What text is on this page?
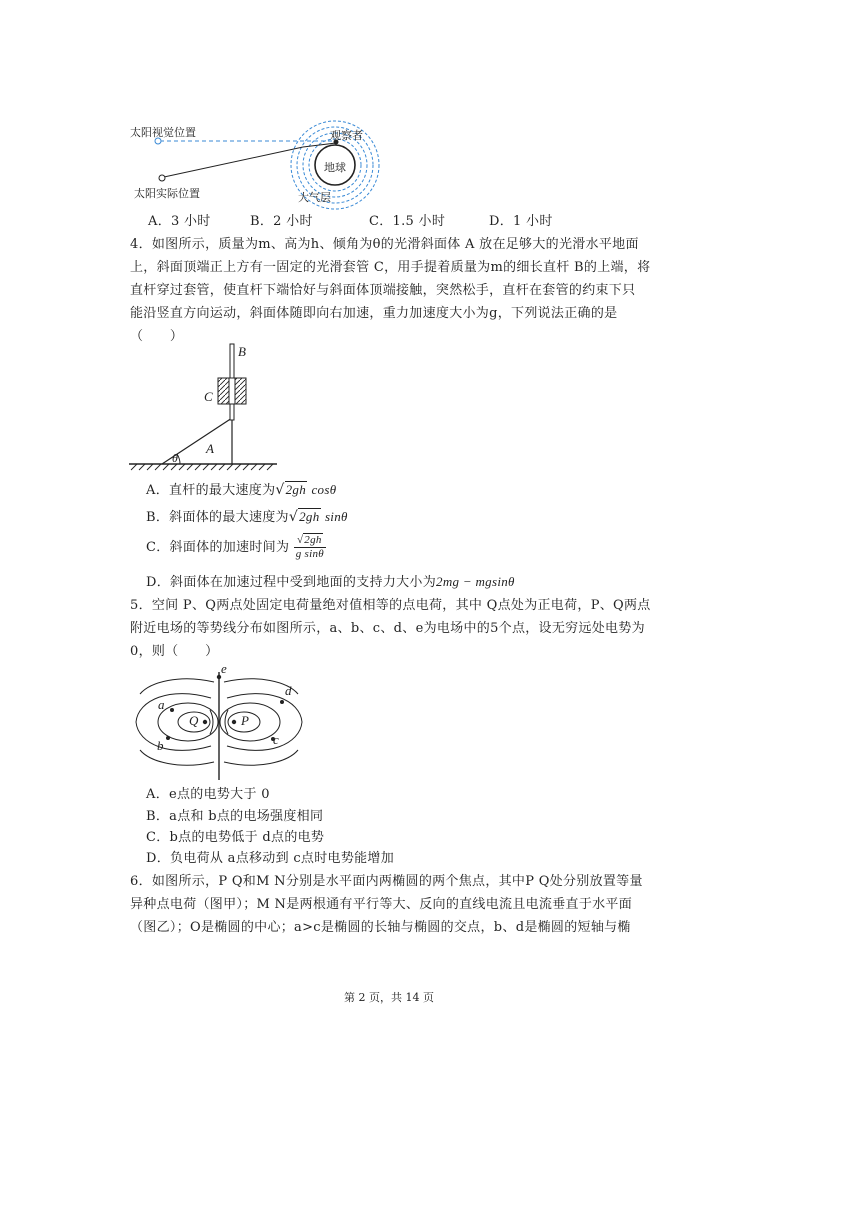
太阳视觉位置
太阳实际位置
观察者
地球
大气层
A．3 小时	B．2 小时	C．1.5 小时	D．1 小时
4．如图所示，质量为m、高为h、倾角为θ的光滑斜面体 A 放在足够大的光滑水平地面
上，斜面顶端正上方有一固定的光滑套管 C，用手提着质量为m的细长直杆 B的上端，将
直杆穿过套管，使直杆下端恰好与斜面体顶端接触，突然松手，直杆在套管的约束下只
能沿竖直方向运动，斜面体随即向右加速，重力加速度大小为g，下列说法正确的是
（　　）
B
C
A
θ
A．直杆的最大速度为√2gh cosθ
B．斜面体的最大速度为√2gh sinθ
C．斜面体的加速时间为 $\frac{√2gh}{\text{g sinθ}}$
D．斜面体在加速过程中受到地面的支持力大小为2mg − mgsinθ
5．空间 P、Q两点处固定电荷量绝对值相等的点电荷，其中 Q点处为正电荷，P、Q两点
附近电场的等势线分布如图所示，a、b、c、d、e为电场中的5个点，设无穷远处电势为
0，则（　　）
e
d
a
Q	P
b	c
A．e点的电势大于 0
B．a点和 b点的电场强度相同
C．b点的电势低于 d点的电势
D．负电荷从 a点移动到 c点时电势能增加
6．如图所示，P Q和M N分别是水平面内两椭圆的两个焦点，其中P Q处分别放置等量
异种点电荷（图甲）；M N是两根通有平行等大、反向的直线电流且电流垂直于水平面
（图乙）；O是椭圆的中心；a>c是椭圆的长轴与椭圆的交点，b、d是椭圆的短轴与椭
第 2 页，共 14 页
